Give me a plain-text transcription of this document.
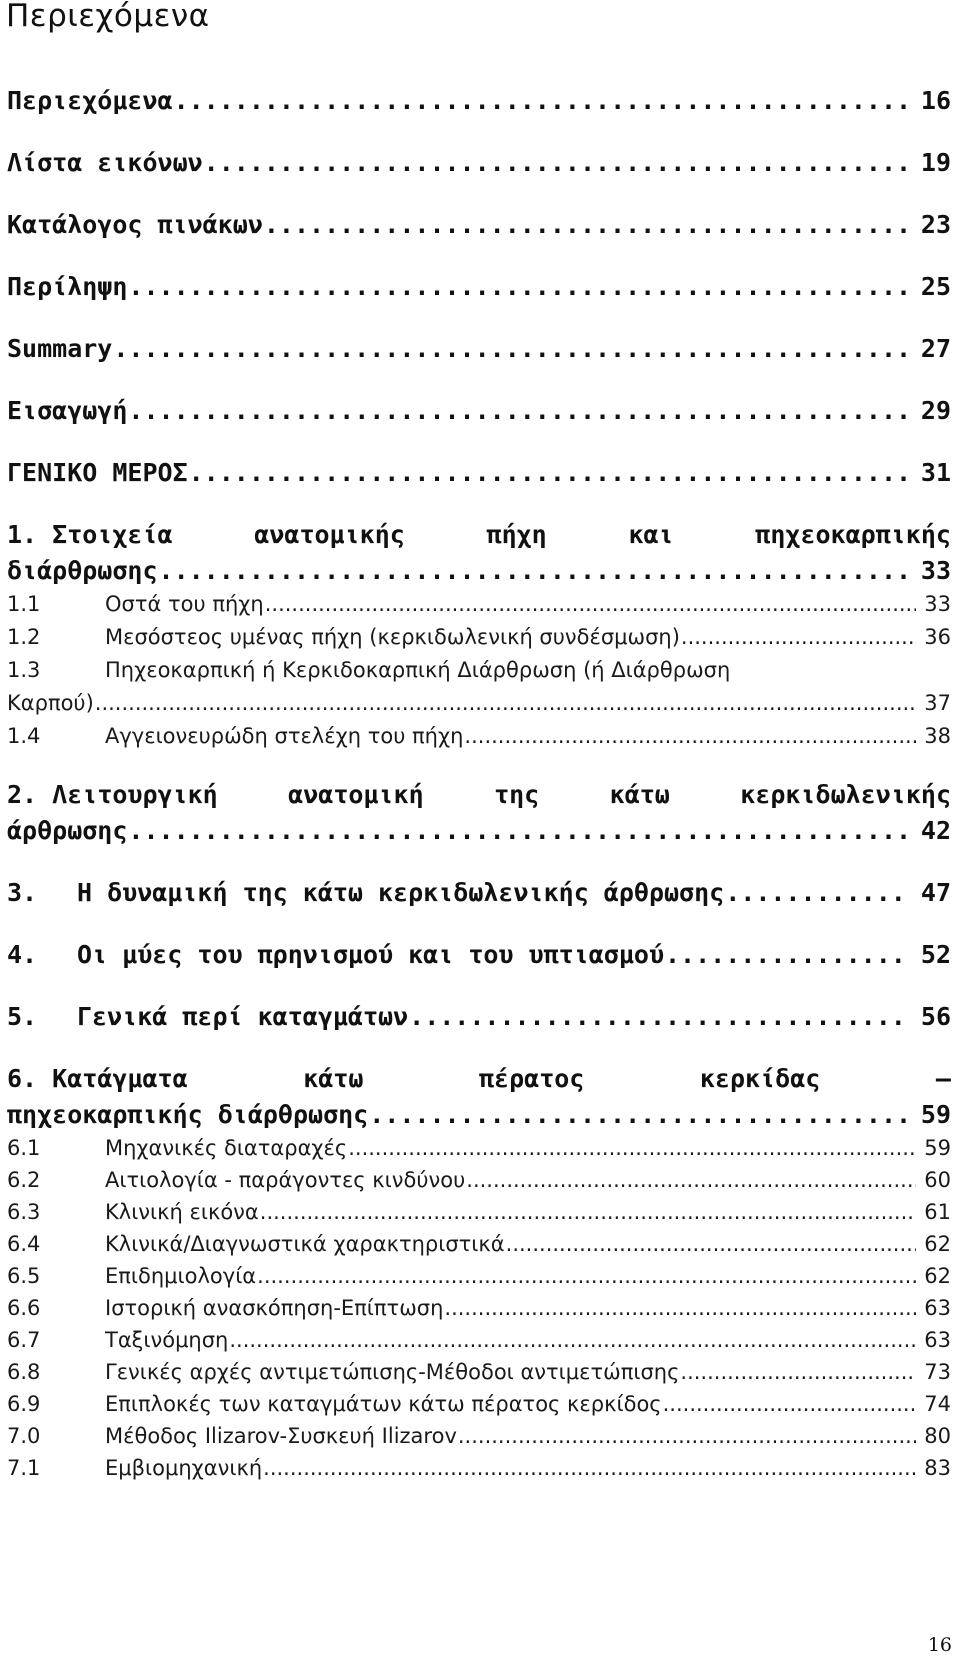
Περιεχόμενα
Περιεχόμενα .....	16
Λίστα εικόνων .....	19
Κατάλογος πινάκων .....	23
Περίληψη .....	25
Summary .....	27
Εισαγωγή .....	29
ΓΕΝΙΚΟ ΜΕΡΟΣ .....	31
1. Στοιχεία	ανατομικής	πήχη	και	πηχεοκαρπικής
διάρθρωσης .....	33
1.1	Οστά του πήχη .....	33
1.2	Μεσόστεος υμένας πήχη (κερκιδωλενική συνδέσμωση) .....	36
1.3	Πηχεοκαρπική ή Κερκιδοκαρπική Διάρθρωση (ή Διάρθρωση
Καρπού) .....	37
1.4	Αγγειονευρώδη στελέχη του πήχη .....	38
2. Λειτουργική	ανατομική	της	κάτω	κερκιδωλενικής
άρθρωσης .....	42
3.	Η δυναμική της κάτω κερκιδωλενικής άρθρωσης .....	47
4.	Οι μύες του πρηνισμού και του υπτιασμού .....	52
5.	Γενικά περί καταγμάτων .....	56
6. Κατάγματα	κάτω	πέρατος	κερκίδας	–
πηχεοκαρπικής διάρθρωσης .....	59
6.1	Μηχανικές διαταραχές .....	59
6.2	Αιτιολογία - παράγοντες κινδύνου .....	60
6.3	Κλινική εικόνα .....	61
6.4	Κλινικά/Διαγνωστικά χαρακτηριστικά .....	62
6.5	Επιδημιολογία .....	62
6.6	Ιστορική ανασκόπηση-Επίπτωση .....	63
6.7	Ταξινόμηση .....	63
6.8	Γενικές αρχές αντιμετώπισης-Μέθοδοι αντιμετώπισης .....	73
6.9	Επιπλοκές των καταγμάτων κάτω πέρατος κερκίδος .....	74
7.0	Μέθοδος Ilizarov-Συσκευή Ilizarov .....	80
7.1	Εμβιομηχανική .....	83
16
